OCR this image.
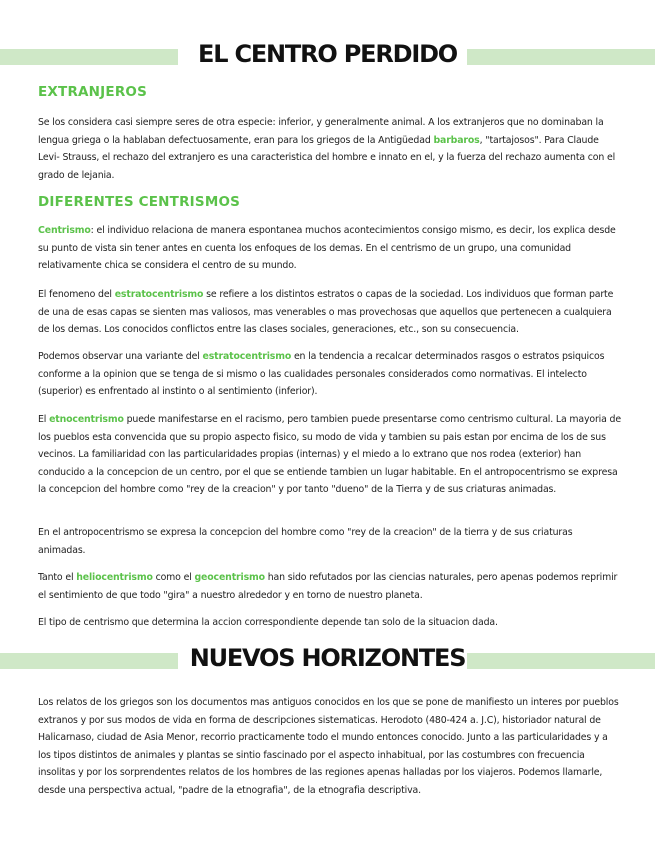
EL CENTRO PERDIDO
EXTRANJEROS

Se los considera casi siempre seres de otra especie: inferior, y generalmente animal. A los extranjeros que no dominaban la lengua griega o la hablaban defectuosamente, eran para los griegos de la Antigüedad barbaros, "tartajosos". Para Claude Levi- Strauss, el rechazo del extranjero es una caracteristica del hombre e innato en el, y la fuerza del rechazo aumenta con el grado de lejania.

DIFERENTES CENTRISMOS

Centrismo: el individuo relaciona de manera espontanea muchos acontecimientos consigo mismo, es decir, los explica desde su punto de vista sin tener antes en cuenta los enfoques de los demas. En el centrismo de un grupo, una comunidad relativamente chica se considera el centro de su mundo.

El fenomeno del estratocentrismo se refiere a los distintos estratos o capas de la sociedad. Los individuos que forman parte de una de esas capas se sienten mas valiosos, mas venerables o mas provechosas que aquellos que pertenecen a cualquiera de los demas. Los conocidos conflictos entre las clases sociales, generaciones, etc., son su consecuencia.

Podemos observar una variante del estratocentrismo en la tendencia a recalcar determinados rasgos o estratos psiquicos conforme a la opinion que se tenga de si mismo o las cualidades personales considerados como normativas. El intelecto (superior) es enfrentado al instinto o al sentimiento (inferior).

El etnocentrismo puede manifestarse en el racismo, pero tambien puede presentarse como centrismo cultural. La mayoria de los pueblos esta convencida que su propio aspecto fisico, su modo de vida y tambien su pais estan por encima de los de sus vecinos. La familiaridad con las particularidades propias (internas) y el miedo a lo extrano que nos rodea (exterior) han conducido a la concepcion de un centro, por el que se entiende tambien un lugar habitable. En el antropocentrismo se expresa la concepcion del hombre como "rey de la creacion" y por tanto "dueno" de la Tierra y de sus criaturas animadas.

En el antropocentrismo se expresa la concepcion del hombre como "rey de la creacion" de la tierra y de sus criaturas animadas.

Tanto el heliocentrismo como el geocentrismo han sido refutados por las ciencias naturales, pero apenas podemos reprimir el sentimiento de que todo "gira" a nuestro alrededor y en torno de nuestro planeta.

El tipo de centrismo que determina la accion correspondiente depende tan solo de la situacion dada.

NUEVOS HORIZONTES

Los relatos de los griegos son los documentos mas antiguos conocidos en los que se pone de manifiesto un interes por pueblos extranos y por sus modos de vida en forma de descripciones sistematicas. Herodoto (480-424 a. J.C), historiador natural de Halicarnaso, ciudad de Asia Menor, recorrio practicamente todo el mundo entonces conocido. Junto a las particularidades y a los tipos distintos de animales y plantas se sintio fascinado por el aspecto inhabitual, por las costumbres con frecuencia insolitas y por los sorprendentes relatos de los hombres de las regiones apenas halladas por los viajeros. Podemos llamarle, desde una perspectiva actual, "padre de la etnografia", de la etnografia descriptiva.
